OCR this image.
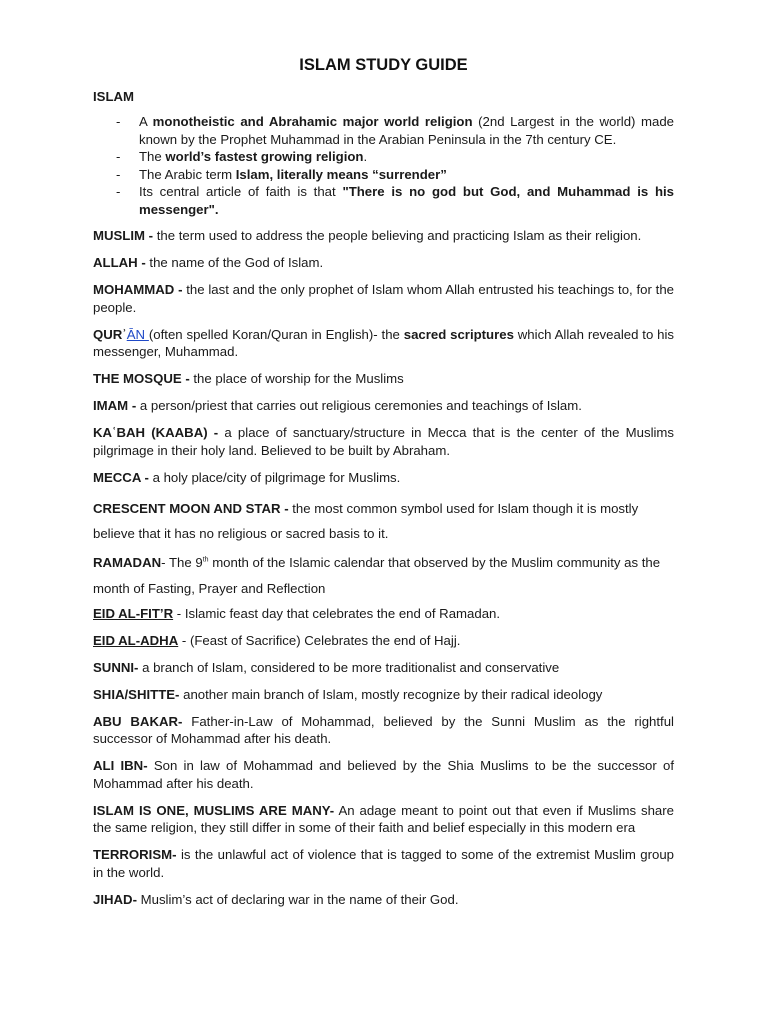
ISLAM STUDY GUIDE
ISLAM
- A monotheistic and Abrahamic major world religion (2nd Largest in the world) made known by the Prophet Muhammad in the Arabian Peninsula in the 7th century CE.
- The world’s fastest growing religion.
- The Arabic term Islam, literally means “surrender”
- Its central article of faith is that "There is no god but God, and Muhammad is his messenger".

MUSLIM - the term used to address the people believing and practicing Islam as their religion.

ALLAH - the name of the God of Islam.

MOHAMMAD - the last and the only prophet of Islam whom Allah entrusted his teachings to, for the people.

QURʾĀN (often spelled Koran/Quran in English)- the sacred scriptures which Allah revealed to his messenger, Muhammad.

THE MOSQUE - the place of worship for the Muslims

IMAM - a person/priest that carries out religious ceremonies and teachings of Islam.

KAʿBAH (KAABA) - a place of sanctuary/structure in Mecca that is the center of the Muslims pilgrimage in their holy land. Believed to be built by Abraham.

MECCA - a holy place/city of pilgrimage for Muslims.

CRESCENT MOON AND STAR - the most common symbol used for Islam though it is mostly believe that it has no religious or sacred basis to it.

RAMADAN- The 9th month of the Islamic calendar that observed by the Muslim community as the month of Fasting, Prayer and Reflection

EID AL-FIT’R - Islamic feast day that celebrates the end of Ramadan.

EID AL-ADHA - (Feast of Sacrifice) Celebrates the end of Hajj.

SUNNI- a branch of Islam, considered to be more traditionalist and conservative

SHIA/SHITTE- another main branch of Islam, mostly recognize by their radical ideology

ABU BAKAR- Father-in-Law of Mohammad, believed by the Sunni Muslim as the rightful successor of Mohammad after his death.

ALI IBN- Son in law of Mohammad and believed by the Shia Muslims to be the successor of Mohammad after his death.

ISLAM IS ONE, MUSLIMS ARE MANY- An adage meant to point out that even if Muslims share the same religion, they still differ in some of their faith and belief especially in this modern era

TERRORISM- is the unlawful act of violence that is tagged to some of the extremist Muslim group in the world.

JIHAD- Muslim’s act of declaring war in the name of their God.
